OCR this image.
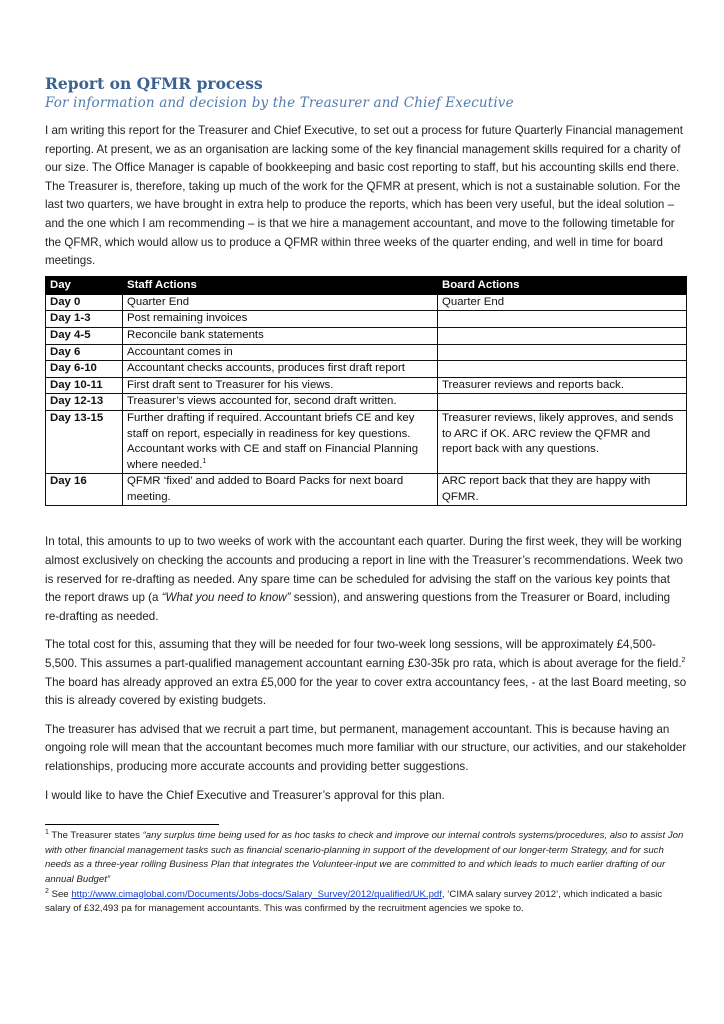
Report on QFMR process
For information and decision by the Treasurer and Chief Executive

I am writing this report for the Treasurer and Chief Executive, to set out a process for future Quarterly Financial management reporting. At present, we as an organisation are lacking some of the key financial management skills required for a charity of our size. The Office Manager is capable of bookkeeping and basic cost reporting to staff, but his accounting skills end there. The Treasurer is, therefore, taking up much of the work for the QFMR at present, which is not a sustainable solution. For the last two quarters, we have brought in extra help to produce the reports, which has been very useful, but the ideal solution – and the one which I am recommending – is that we hire a management accountant, and move to the following timetable for the QFMR, which would allow us to produce a QFMR within three weeks of the quarter ending, and well in time for board meetings.

Day	Staff Actions	Board Actions
Day 0	Quarter End	Quarter End
Day 1-3	Post remaining invoices	
Day 4-5	Reconcile bank statements	
Day 6	Accountant comes in	
Day 6-10	Accountant checks accounts, produces first draft report	
Day 10-11	First draft sent to Treasurer for his views.	Treasurer reviews and reports back.
Day 12-13	Treasurer’s views accounted for, second draft written.	
Day 13-15	Further drafting if required. Accountant briefs CE and key staff on report, especially in readiness for key questions. Accountant works with CE and staff on Financial Planning where needed.$^1$	Treasurer reviews, likely approves, and sends to ARC if OK. ARC review the QFMR and report back with any questions.
Day 16	QFMR ‘fixed’ and added to Board Packs for next board meeting.	ARC report back that they are happy with QFMR.

In total, this amounts to up to two weeks of work with the accountant each quarter. During the first week, they will be working almost exclusively on checking the accounts and producing a report in line with the Treasurer’s recommendations. Week two is reserved for re-drafting as needed. Any spare time can be scheduled for advising the staff on the various key points that the report draws up (a “What you need to know” session), and answering questions from the Treasurer or Board, including re-drafting as needed.

The total cost for this, assuming that they will be needed for four two-week long sessions, will be approximately £4,500-5,500. This assumes a part-qualified management accountant earning £30-35k pro rata, which is about average for the field.$^2$ The board has already approved an extra £5,000 for the year to cover extra accountancy fees, - at the last Board meeting, so this is already covered by existing budgets.

The treasurer has advised that we recruit a part time, but permanent, management accountant. This is because having an ongoing role will mean that the accountant becomes much more familiar with our structure, our activities, and our stakeholder relationships, producing more accurate accounts and providing better suggestions.

I would like to have the Chief Executive and Treasurer’s approval for this plan.

$^1$ The Treasurer states “any surplus time being used for as hoc tasks to check and improve our internal controls systems/procedures, also to assist Jon with other financial management tasks such as financial scenario-planning in support of the development of our longer-term Strategy, and for such needs as a three-year rolling Business Plan that integrates the Volunteer-input we are committed to and which leads to much earlier drafting of our annual Budget”

$^2$ See http://www.cimaglobal.com/Documents/Jobs-docs/Salary_Survey/2012/qualified/UK.pdf, ‘CIMA salary survey 2012’, which indicated a basic salary of £32,493 pa for management accountants. This was confirmed by the recruitment agencies we spoke to.
